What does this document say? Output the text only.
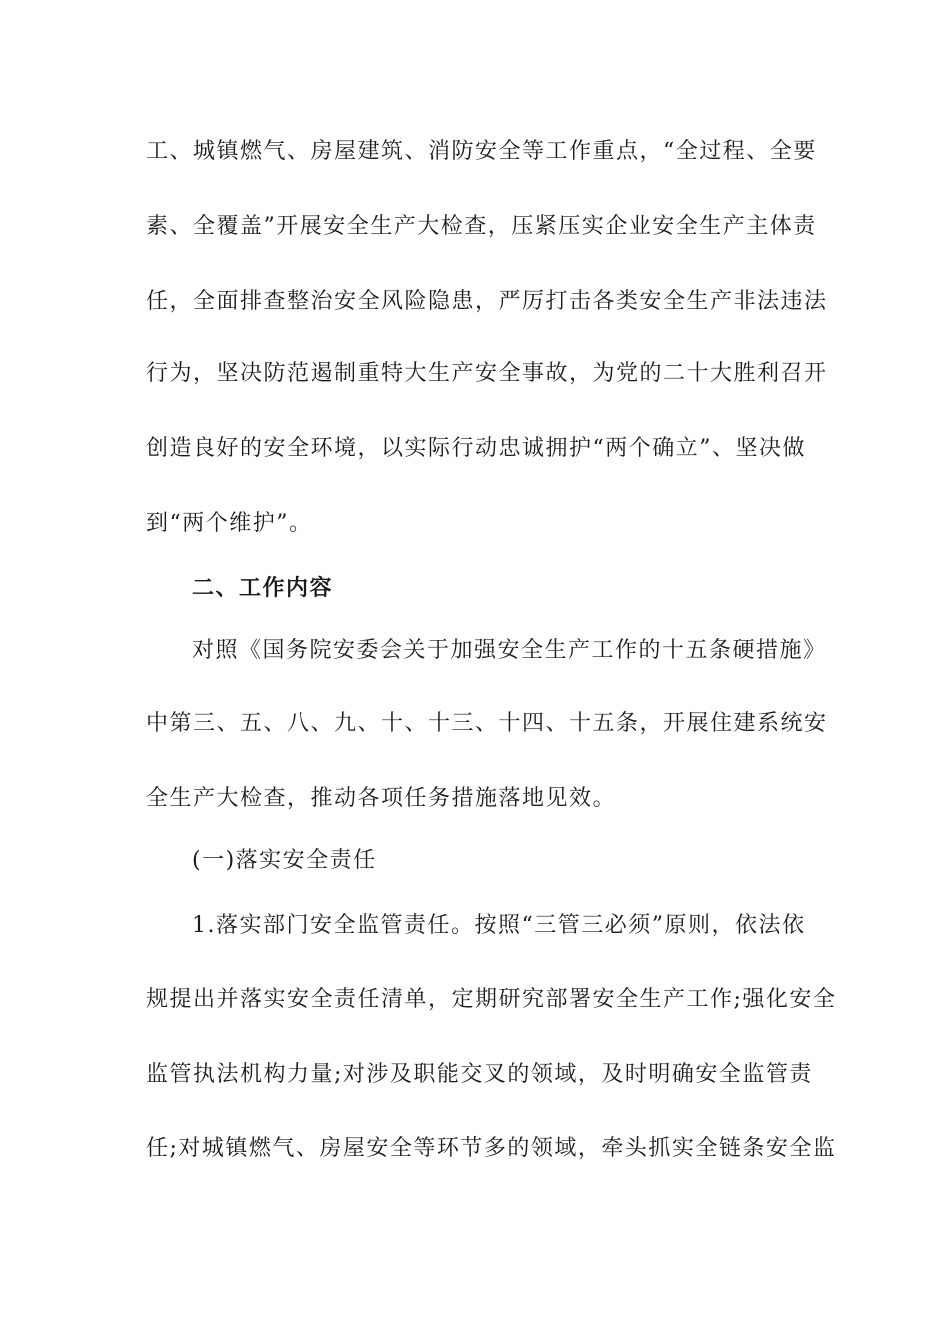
工、城镇燃气、房屋建筑、消防安全等工作重点，“全过程、全要
素、全覆盖”开展安全生产大检查，压紧压实企业安全生产主体责
任，全面排查整治安全风险隐患，严厉打击各类安全生产非法违法
行为，坚决防范遏制重特大生产安全事故，为党的二十大胜利召开
创造良好的安全环境，以实际行动忠诚拥护“两个确立”、坚决做
到“两个维护”。
二、工作内容
对照《国务院安委会关于加强安全生产工作的十五条硬措施》
中第三、五、八、九、十、十三、十四、十五条，开展住建系统安
全生产大检查，推动各项任务措施落地见效。
(一)落实安全责任
1.落实部门安全监管责任。按照“三管三必须”原则，依法依
规提出并落实安全责任清单，定期研究部署安全生产工作;强化安全
监管执法机构力量;对涉及职能交叉的领域，及时明确安全监管责
任;对城镇燃气、房屋安全等环节多的领域，牵头抓实全链条安全监
